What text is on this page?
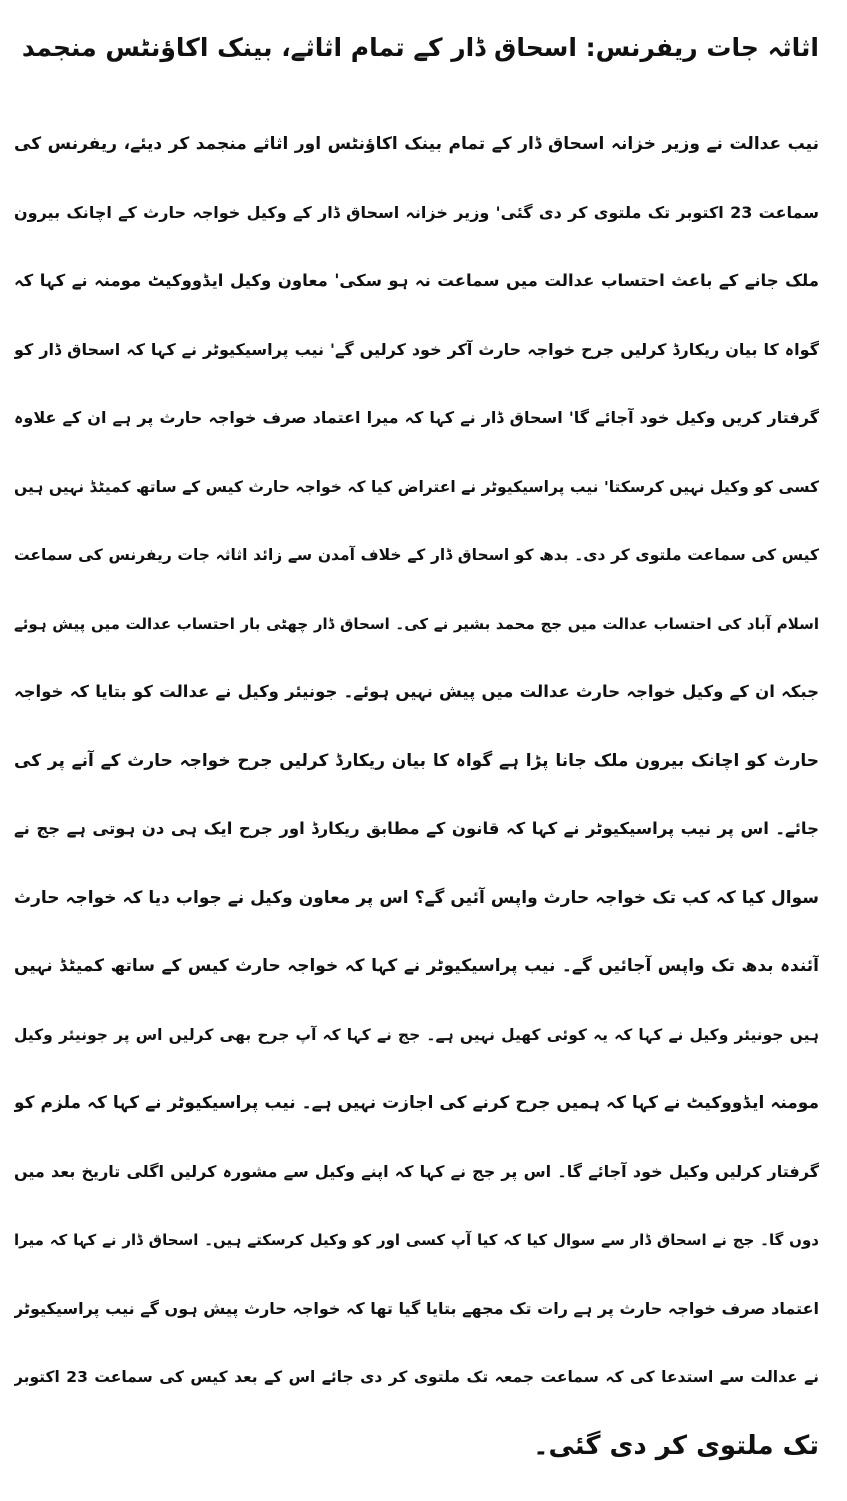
اثاثہ جات ریفرنس: اسحاق ڈار کے تمام اثاثے، بینک اکاؤنٹس منجمد
نیب عدالت نے وزیر خزانہ اسحاق ڈار کے تمام بینک اکاؤنٹس اور اثاثے منجمد کر دیئے، ریفرنس کی
سماعت 23 اکتوبر تک ملتوی کر دی گئی' وزیر خزانہ اسحاق ڈار کے وکیل خواجہ حارث کے اچانک بیرون
ملک جانے کے باعث احتساب عدالت میں سماعت نہ ہو سکی' معاون وکیل ایڈووکیٹ مومنہ نے کہا کہ
گواہ کا بیان ریکارڈ کرلیں جرح خواجہ حارث آکر خود کرلیں گے' نیب پراسیکیوٹر نے کہا کہ اسحاق ڈار کو
گرفتار کریں وکیل خود آجائے گا' اسحاق ڈار نے کہا کہ میرا اعتماد صرف خواجہ حارث پر ہے ان کے علاوہ
کسی کو وکیل نہیں کرسکتا' نیب پراسیکیوٹر نے اعتراض کیا کہ خواجہ حارث کیس کے ساتھ کمیٹڈ نہیں ہیں
کیس کی سماعت ملتوی کر دی۔ بدھ کو اسحاق ڈار کے خلاف آمدن سے زائد اثاثہ جات ریفرنس کی سماعت
اسلام آباد کی احتساب عدالت میں جج محمد بشیر نے کی۔ اسحاق ڈار چھٹی بار احتساب عدالت میں پیش ہوئے
جبکہ ان کے وکیل خواجہ حارث عدالت میں پیش نہیں ہوئے۔ جونیئر وکیل نے عدالت کو بتایا کہ خواجہ
حارث کو اچانک بیرون ملک جانا پڑا ہے گواہ کا بیان ریکارڈ کرلیں جرح خواجہ حارث کے آنے پر کی
جائے۔ اس پر نیب پراسیکیوٹر نے کہا کہ قانون کے مطابق ریکارڈ اور جرح ایک ہی دن ہوتی ہے جج نے
سوال کیا کہ کب تک خواجہ حارث واپس آئیں گے؟ اس پر معاون وکیل نے جواب دیا کہ خواجہ حارث
آئندہ بدھ تک واپس آجائیں گے۔ نیب پراسیکیوٹر نے کہا کہ خواجہ حارث کیس کے ساتھ کمیٹڈ نہیں
ہیں جونیئر وکیل نے کہا کہ یہ کوئی کھیل نہیں ہے۔ جج نے کہا کہ آپ جرح بھی کرلیں اس پر جونیئر وکیل
مومنہ ایڈووکیٹ نے کہا کہ ہمیں جرح کرنے کی اجازت نہیں ہے۔ نیب پراسیکیوٹر نے کہا کہ ملزم کو
گرفتار کرلیں وکیل خود آجائے گا۔ اس پر جج نے کہا کہ اپنے وکیل سے مشورہ کرلیں اگلی تاریخ بعد میں
دوں گا۔ جج نے اسحاق ڈار سے سوال کیا کہ کیا آپ کسی اور کو وکیل کرسکتے ہیں۔ اسحاق ڈار نے کہا کہ میرا
اعتماد صرف خواجہ حارث پر ہے رات تک مجھے بتایا گیا تھا کہ خواجہ حارث پیش ہوں گے نیب پراسیکیوٹر
نے عدالت سے استدعا کی کہ سماعت جمعہ تک ملتوی کر دی جائے اس کے بعد کیس کی سماعت 23 اکتوبر
تک ملتوی کر دی گئی۔
